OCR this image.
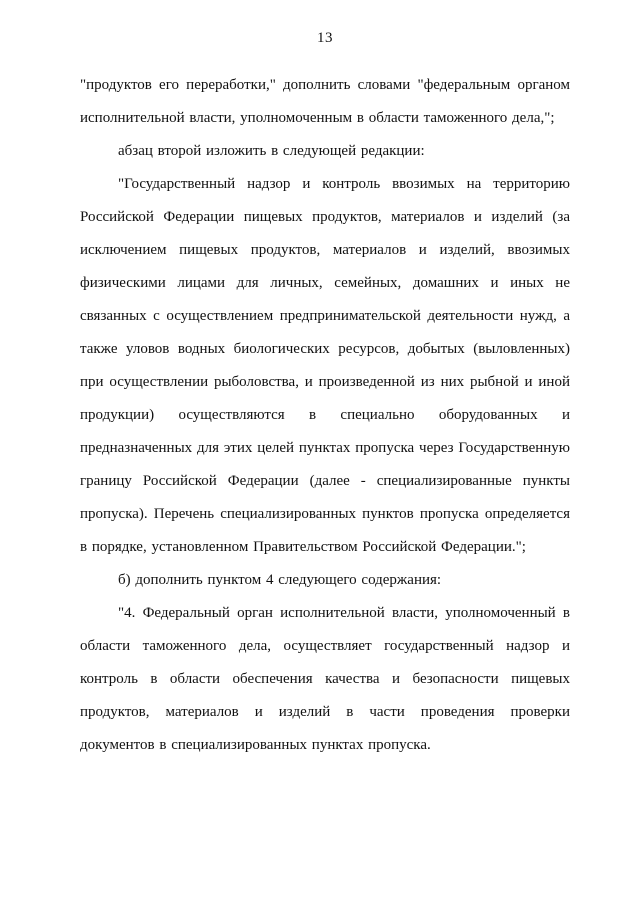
13

"продуктов его переработки," дополнить словами "федеральным органом исполнительной власти, уполномоченным в области таможенного дела,";

абзац второй изложить в следующей редакции:

"Государственный надзор и контроль ввозимых на территорию Российской Федерации пищевых продуктов, материалов и изделий (за исключением пищевых продуктов, материалов и изделий, ввозимых физическими лицами для личных, семейных, домашних и иных не связанных с осуществлением предпринимательской деятельности нужд, а также уловов водных биологических ресурсов, добытых (выловленных) при осуществлении рыболовства, и произведенной из них рыбной и иной продукции) осуществляются в специально оборудованных и предназначенных для этих целей пунктах пропуска через Государственную границу Российской Федерации (далее - специализированные пункты пропуска). Перечень специализированных пунктов пропуска определяется в порядке, установленном Правительством Российской Федерации.";

б) дополнить пунктом 4 следующего содержания:

"4. Федеральный орган исполнительной власти, уполномоченный в области таможенного дела, осуществляет государственный надзор и контроль в области обеспечения качества и безопасности пищевых продуктов, материалов и изделий в части проведения проверки документов в специализированных пунктах пропуска.
